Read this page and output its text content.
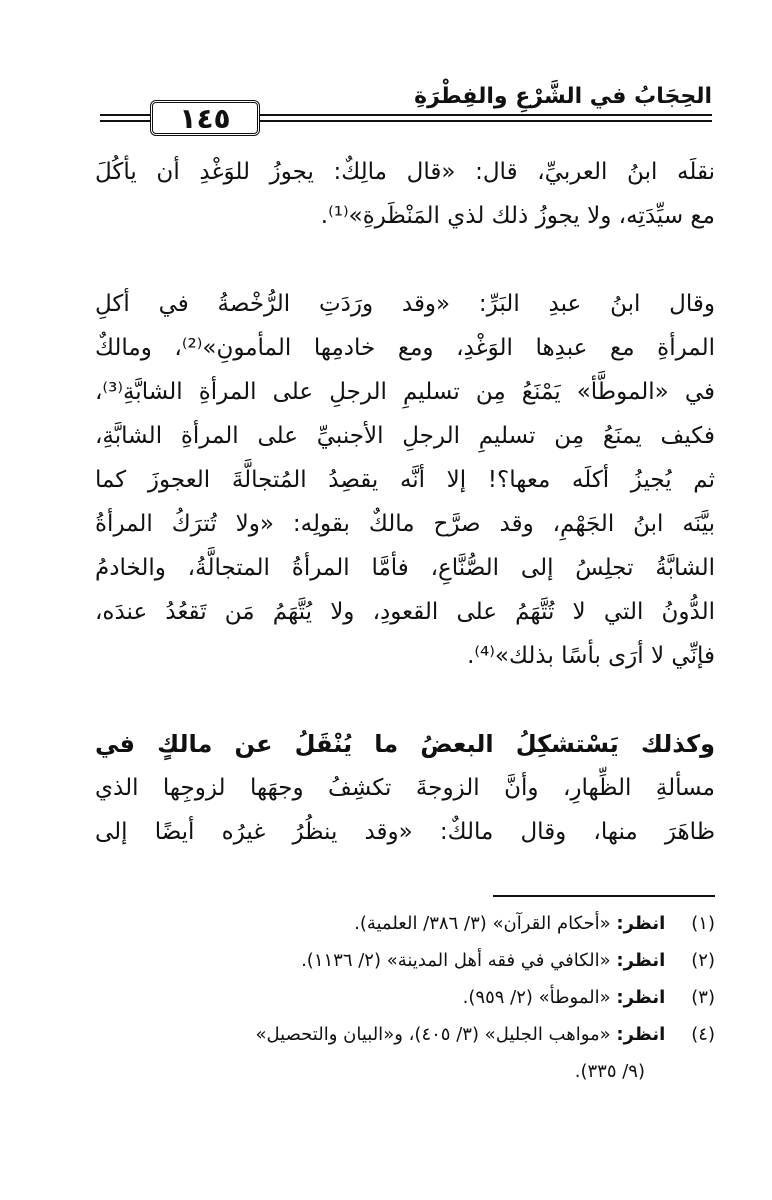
١٤٥
الحِجَابُ في الشَّرْعِ والفِطْرَةِ
نقلَه ابنُ العربيِّ، قال: «قال مالِكٌ: يجوزُ للوَغْدِ أن يأكُلَ
مع سيِّدَتِه، ولا يجوزُ ذلك لذي المَنْظَرةِ»⁽¹⁾.
وقال ابنُ عبدِ البَرِّ: «وقد ورَدَتِ الرُّخْصةُ في أكلِ
المرأةِ مع عبدِها الوَغْدِ، ومع خادمِها المأمونِ»⁽²⁾، ومالكٌ
في «الموطَّأ» يَمْنَعُ مِن تسليمِ الرجلِ على المرأةِ الشابَّةِ⁽³⁾،
فكيف يمنَعُ مِن تسليمِ الرجلِ الأجنبيِّ على المرأةِ الشابَّةِ،
ثم يُجيزُ أكلَه معها؟! إلا أنَّه يقصِدُ المُتجالَّةَ العجوزَ كما
بيَّنَه ابنُ الجَهْمِ، وقد صرَّح مالكٌ بقولِه: «ولا تُترَكُ المرأةُ
الشابَّةُ تجلِسُ إلى الصُّنَّاعِ، فأمَّا المرأةُ المتجالَّةُ، والخادمُ
الدُّونُ التي لا تُتَّهَمُ على القعودِ، ولا يُتَّهَمُ مَن تَقعُدُ عندَه،
فإنِّي لا أرَى بأسًا بذلك»⁽⁴⁾.
وكذلك يَسْتشكِلُ البعضُ ما يُنْقَلُ عن مالكٍ في
مسألةِ الظِّهارِ، وأنَّ الزوجةَ تكشِفُ وجهَها لزوجِها الذي
ظاهَرَ منها، وقال مالكٌ: «وقد ينظُرُ غيرُه أيضًا إلى
(١) انظر: «أحكام القرآن» (٣/ ٣٨٦/ العلمية).
(٢) انظر: «الكافي في فقه أهل المدينة» (٢/ ١١٣٦).
(٣) انظر: «الموطأ» (٢/ ٩٥٩).
(٤) انظر: «مواهب الجليل» (٣/ ٤٠٥)، و«البيان والتحصيل»
(٩/ ٣٣٥).
